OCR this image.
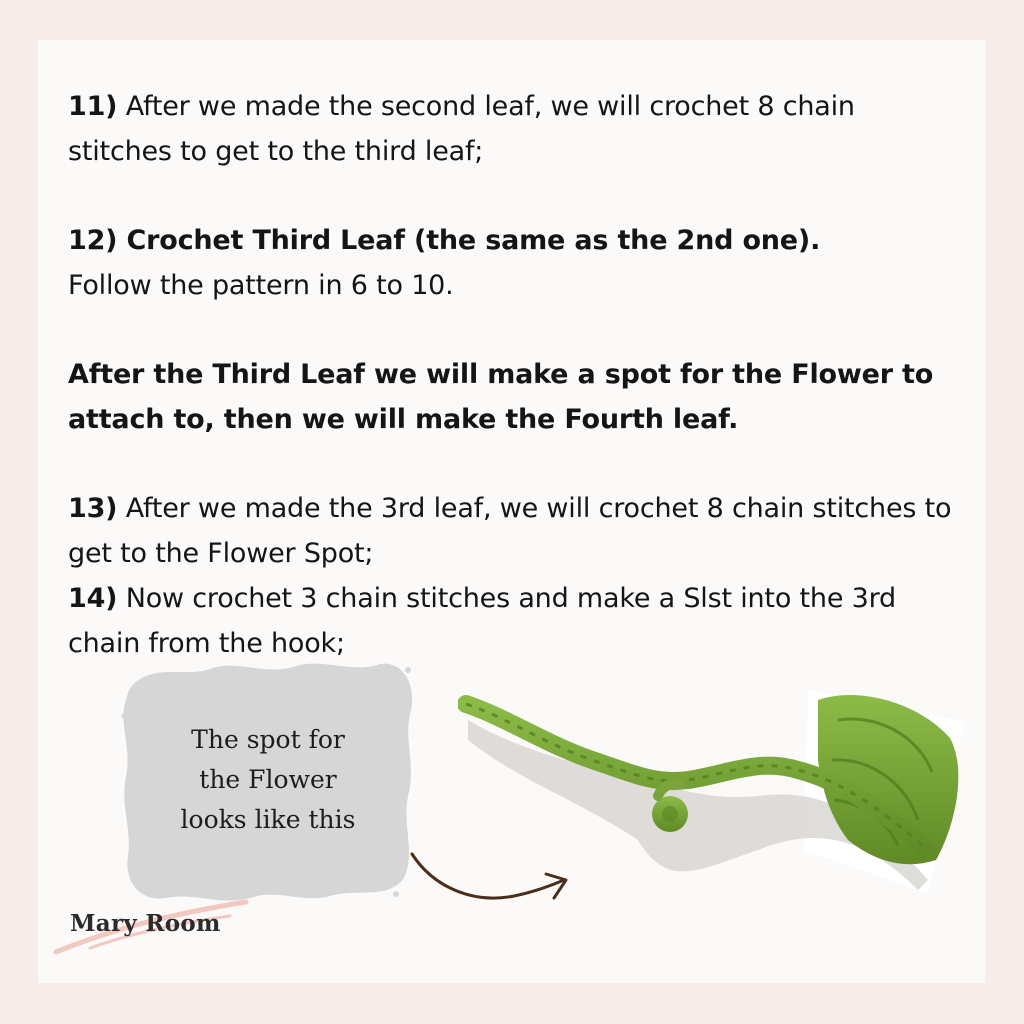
11) After we made the second leaf, we will crochet 8 chain stitches to get to the third leaf;

12) Crochet Third Leaf (the same as the 2nd one).
Follow the pattern in 6 to 10.

After the Third Leaf we will make a spot for the Flower to attach to, then we will make the Fourth leaf.

13) After we made the 3rd leaf, we will crochet 8 chain stitches to get to the Flower Spot;

14) Now crochet 3 chain stitches and make a Slst into the 3rd chain from the hook;

The spot for
the Flower
looks like this
Mary Room
